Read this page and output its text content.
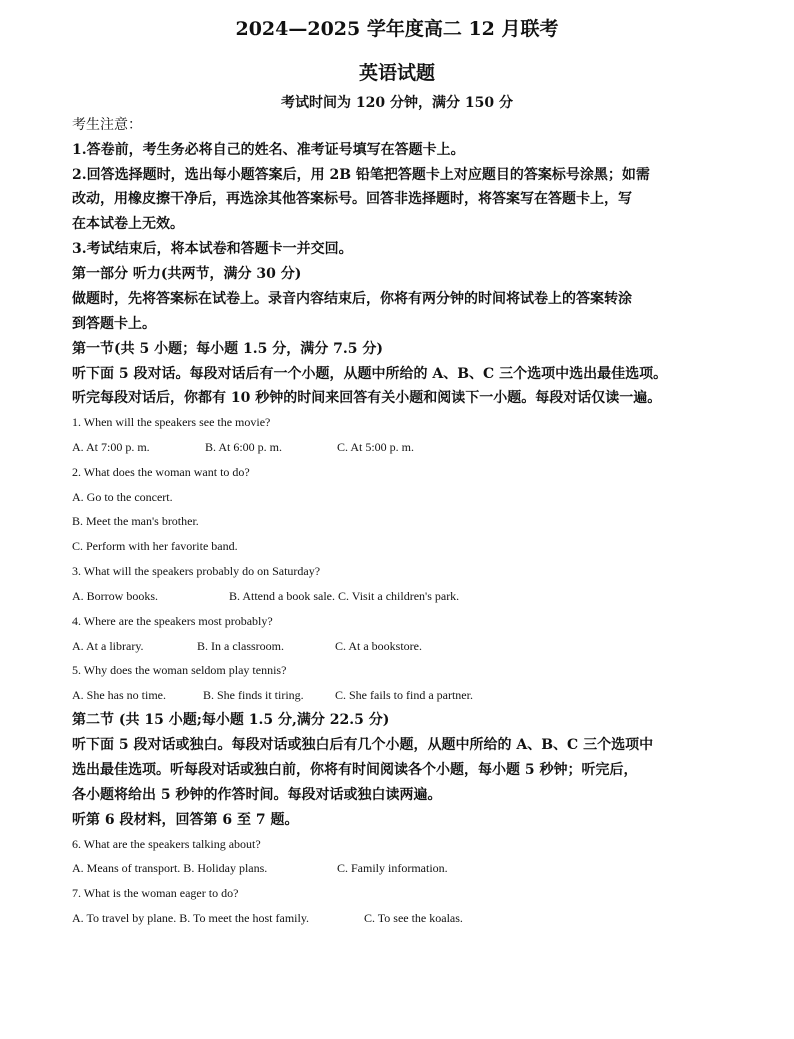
2024—2025 学年度高二 12 月联考
英语试题
考试时间为 120 分钟，满分 150 分
考生注意：
1.答卷前，考生务必将自己的姓名、准考证号填写在答题卡上。
2.回答选择题时，选出每小题答案后，用 2B 铅笔把答题卡上对应题目的答案标号涂黑；如需
改动，用橡皮擦干净后，再选涂其他答案标号。回答非选择题时，将答案写在答题卡上，写
在本试卷上无效。
3.考试结束后，将本试卷和答题卡一并交回。
第一部分 听力(共两节，满分 30 分)
做题时，先将答案标在试卷上。录音内容结束后，你将有两分钟的时间将试卷上的答案转涂
到答题卡上。
第一节(共 5 小题；每小题 1.5 分，满分 7.5 分)
听下面 5 段对话。每段对话后有一个小题，从题中所给的 A、B、C 三个选项中选出最佳选项。
听完每段对话后，你都有 10 秒钟的时间来回答有关小题和阅读下一小题。每段对话仅读一遍。
1. When will the speakers see the movie?
A. At 7:00 p. m.	B. At 6:00 p. m.	C. At 5:00 p. m.
2. What does the woman want to do?
A. Go to the concert.
B. Meet the man's brother.
C. Perform with her favorite band.
3. What will the speakers probably do on Saturday?
A. Borrow books.	B. Attend a book sale. C. Visit a children's park.
4. Where are the speakers most probably?
A. At a library.	B. In a classroom.	C. At a bookstore.
5. Why does the woman seldom play tennis?
A. She has no time.	B. She finds it tiring.	C. She fails to find a partner.
第二节 (共 15 小题;每小题 1.5 分,满分 22.5 分)
听下面 5 段对话或独白。每段对话或独白后有几个小题，从题中所给的 A、B、C 三个选项中
选出最佳选项。听每段对话或独白前，你将有时间阅读各个小题，每小题 5 秒钟；听完后，
各小题将给出 5 秒钟的作答时间。每段对话或独白读两遍。
听第 6 段材料，回答第 6 至 7 题。
6. What are the speakers talking about?
A. Means of transport. B. Holiday plans.	C. Family information.
7. What is the woman eager to do?
A. To travel by plane. B. To meet the host family.	C. To see the koalas.
